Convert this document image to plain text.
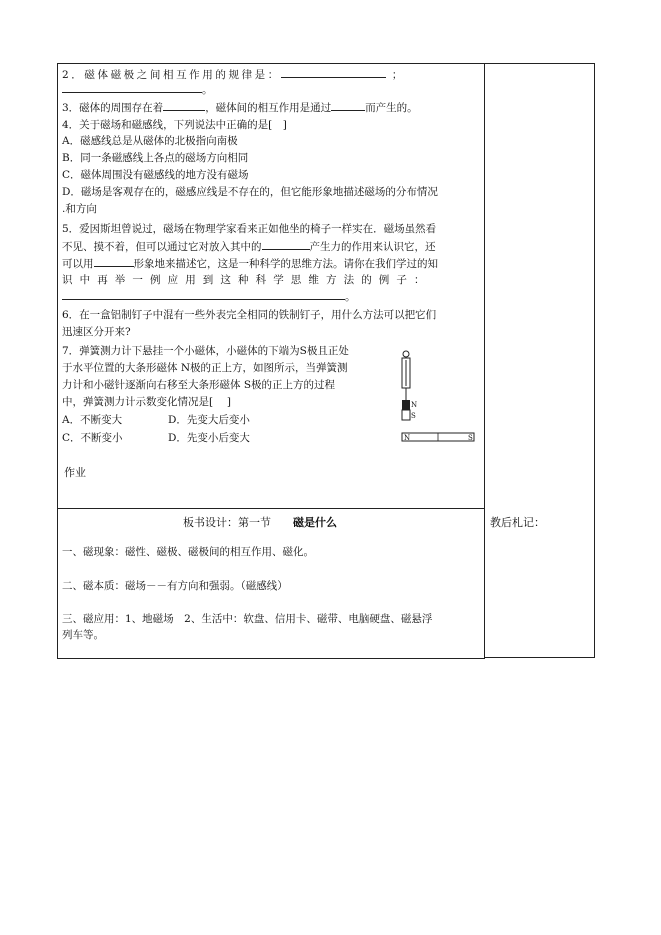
2．磁体磁极之间相互作用的规律是：	；
。
3．磁体的周围存在着	，磁体间的相互作用是通过	而产生的。
4．关于磁场和磁感线，下列说法中正确的是[　]
A．磁感线总是从磁体的北极指向南极
B．同一条磁感线上各点的磁场方向相同
C．磁体周围没有磁感线的地方没有磁场
D．磁场是客观存在的，磁感应线是不存在的，但它能形象地描述磁场的分布情况
.和方向
5．爱因斯坦曾说过，磁场在物理学家看来正如他坐的椅子一样实在．磁场虽然看
不见、摸不着，但可以通过它对放入其中的	产生力的作用来认识它，还
可以用	形象地来描述它，这是一种科学的思维方法。请你在我们学过的知
识中再举一例应用到这种科学思维方法的例子：
。
6．在一盒铝制钉子中混有一些外表完全相同的铁制钉子，用什么方法可以把它们
迅速区分开来?
7．弹簧测力计下悬挂一个小磁体，小磁体的下端为S极且正处
于水平位置的大条形磁体 N极的正上方，如图所示，当弹簧测
力计和小磁针逐渐向右移至大条形磁体 S极的正上方的过程
中，弹簧测力计示数变化情况是[　 ]
A．不断变大	D．先变大后变小
C．不断变小	D．先变小后变大
N
S
N	S
作业
板书设计：第一节 磁是什么
一、磁现象：磁性、磁极、磁极间的相互作用、磁化。
二、磁本质：磁场－－有方向和强弱。（磁感线）
三、磁应用：1、地磁场　2、生活中：软盘、信用卡、磁带、电脑硬盘、磁悬浮
列车等。
教后札记：
